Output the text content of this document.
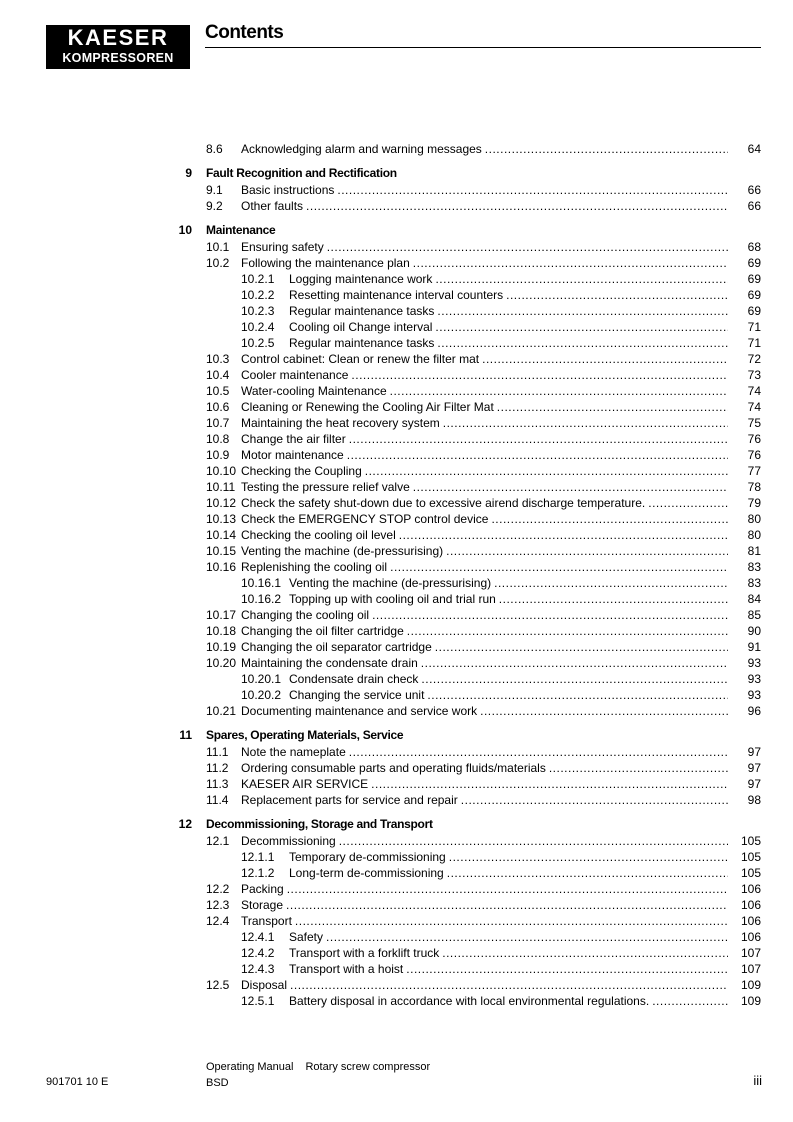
KAESER
KOMPRESSOREN
Contents
8.6 Acknowledging alarm and warning messages .....	64
9 Fault Recognition and Rectification
9.1 Basic instructions .....	66
9.2 Other faults .....	66
10 Maintenance
10.1 Ensuring safety .....	68
10.2 Following the maintenance plan .....	69
10.2.1 Logging maintenance work .....	69
10.2.2 Resetting maintenance interval counters .....	69
10.2.3 Regular maintenance tasks .....	69
10.2.4 Cooling oil Change interval .....	71
10.2.5 Regular maintenance tasks .....	71
10.3 Control cabinet: Clean or renew the filter mat .....	72
10.4 Cooler maintenance .....	73
10.5 Water-cooling Maintenance .....	74
10.6 Cleaning or Renewing the Cooling Air Filter Mat .....	74
10.7 Maintaining the heat recovery system .....	75
10.8 Change the air filter .....	76
10.9 Motor maintenance .....	76
10.10 Checking the Coupling .....	77
10.11 Testing the pressure relief valve .....	78
10.12 Check the safety shut-down due to excessive airend discharge temperature. .....	79
10.13 Check the EMERGENCY STOP control device .....	80
10.14 Checking the cooling oil level .....	80
10.15 Venting the machine (de-pressurising) .....	81
10.16 Replenishing the cooling oil .....	83
10.16.1 Venting the machine (de-pressurising) .....	83
10.16.2 Topping up with cooling oil and trial run .....	84
10.17 Changing the cooling oil .....	85
10.18 Changing the oil filter cartridge .....	90
10.19 Changing the oil separator cartridge .....	91
10.20 Maintaining the condensate drain .....	93
10.20.1 Condensate drain check .....	93
10.20.2 Changing the service unit .....	93
10.21 Documenting maintenance and service work .....	96
11 Spares, Operating Materials, Service
11.1 Note the nameplate .....	97
11.2 Ordering consumable parts and operating fluids/materials .....	97
11.3 KAESER AIR SERVICE .....	97
11.4 Replacement parts for service and repair .....	98
12 Decommissioning, Storage and Transport
12.1 Decommissioning .....	105
12.1.1 Temporary de-commissioning .....	105
12.1.2 Long-term de-commissioning .....	105
12.2 Packing .....	106
12.3 Storage .....	106
12.4 Transport .....	106
12.4.1 Safety .....	106
12.4.2 Transport with a forklift truck .....	107
12.4.3 Transport with a hoist .....	107
12.5 Disposal .....	109
12.5.1 Battery disposal in accordance with local environmental regulations. .....	109
901701 10 E
Operating Manual Rotary screw compressor
BSD	iii
